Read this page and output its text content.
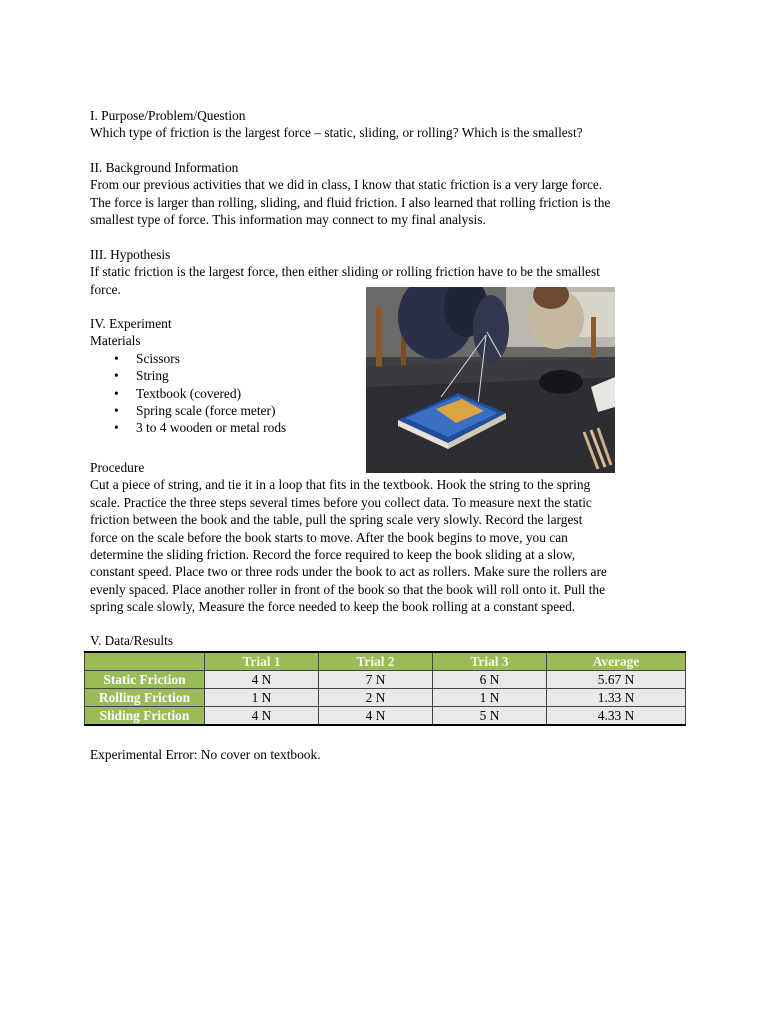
I. Purpose/Problem/Question

Which type of friction is the largest force – static, sliding, or rolling? Which is the smallest?

II. Background Information

From our previous activities that we did in class, I know that static friction is a very large force.

The force is larger than rolling, sliding, and fluid friction. I also learned that rolling friction is the

smallest type of force. This information may connect to my final analysis.

III. Hypothesis

If static friction is the largest force, then either sliding or rolling friction have to be the smallest

force.

IV. Experiment

Materials

• Scissors
• String
• Textbook (covered)
• Spring scale (force meter)
• 3 to 4 wooden or metal rods

Procedure

Cut a piece of string, and tie it in a loop that fits in the textbook. Hook the string to the spring

scale. Practice the three steps several times before you collect data. To measure next the static

friction between the book and the table, pull the spring scale very slowly. Record the largest

force on the scale before the book starts to move. After the book begins to move, you can

determine the sliding friction. Record the force required to keep the book sliding at a slow,

constant speed. Place two or three rods under the book to act as rollers. Make sure the rollers are

evenly spaced. Place another roller in front of the book so that the book will roll onto it. Pull the

spring scale slowly, Measure the force needed to keep the book rolling at a constant speed.

V. Data/Results

	Trial 1	Trial 2	Trial 3	Average
Static Friction	4 N	7 N	6 N	5.67 N
Rolling Friction	1 N	2 N	1 N	1.33 N
Sliding Friction	4 N	4 N	5 N	4.33 N

Experimental Error: No cover on textbook.
